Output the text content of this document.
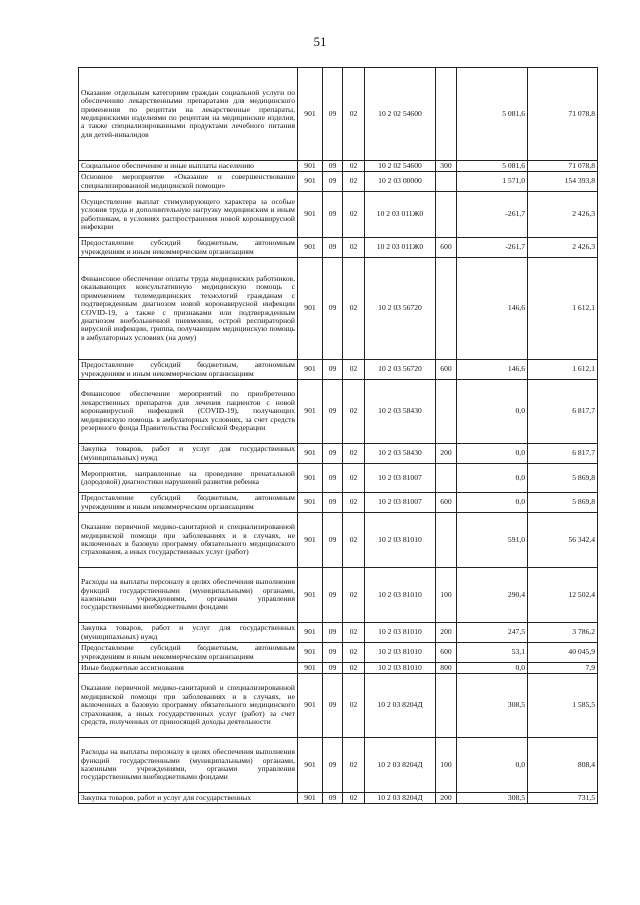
51
Оказание отдельным категориям граждан социальной услуги по обеспечению лекарственными препаратами для медицинского применения по рецептам на лекарственные препараты, медицинскими изделиями по рецептам на медицинские изделия, а также специализированными продуктами лечебного питания для детей-инвалидов	901	09	02	10 2 02 54600		5 081,6	71 078,8
Социальное обеспечение и иные выплаты населению	901	09	02	10 2 02 54600	300	5 081,6	71 078,8
Основное мероприятие «Оказание и совершенствование специализированной медицинской помощи»	901	09	02	10 2 03 00000		1 571,0	154 393,8
Осуществление выплат стимулирующего характера за особые условия труда и дополнительную нагрузку медицинским и иным работникам, в условиях распространения новой коронавирусной инфекции	901	09	02	10 2 03 011Ж0		-261,7	2 426,3
Предоставление субсидий бюджетным, автономным учреждениям и иным некоммерческим организациям	901	09	02	10 2 03 011Ж0	600	-261,7	2 426,3
Финансовое обеспечение оплаты труда медицинских работников, оказывающих консультативную медицинскую помощь с применением телемедицинских технологий гражданам с подтвержденным диагнозом новой коронавирусной инфекции COVID-19, а также с признаками или подтвержденным диагнозом внебольничной пневмонии, острой респираторной вирусной инфекции, гриппа, получающим медицинскую помощь в амбулаторных условиях (на дому)	901	09	02	10 2 03 56720		146,6	1 612,1
Предоставление субсидий бюджетным, автономным учреждениям и иным некоммерческим организациям	901	09	02	10 2 03 56720	600	146,6	1 612,1
Финансовое обеспечение мероприятий по приобретению лекарственных препаратов для лечения пациентов с новой коронавирусной инфекцией (COVID-19), получающих медицинскую помощь в амбулаторных условиях, за счет средств резервного фонда Правительства Российской Федерации	901	09	02	10 2 03 58430		0,0	6 817,7
Закупка товаров, работ и услуг для государственных (муниципальных) нужд	901	09	02	10 2 03 58430	200	0,0	6 817,7
Мероприятия, направленные на проведение пренатальной (дородовой) диагностики нарушений развития ребенка	901	09	02	10 2 03 81007		0,0	5 869,8
Предоставление субсидий бюджетным, автономным учреждениям и иным некоммерческим организациям	901	09	02	10 2 03 81007	600	0,0	5 869,8
Оказание первичной медико-санитарной и специализированной медицинской помощи при заболеваниях и в случаях, не включенных в базовую программу обязательного медицинского страхования, а иных государственных услуг (работ)	901	09	02	10 2 03 81010		591,0	56 342,4
Расходы на выплаты персоналу в целях обеспечения выполнения функций государственными (муниципальными) органами, казенными учреждениями, органами управления государственными внебюджетными фондами	901	09	02	10 2 03 81010	100	290,4	12 502,4
Закупка товаров, работ и услуг для государственных (муниципальных) нужд	901	09	02	10 2 03 81010	200	247,5	3 786,2
Предоставление субсидий бюджетным, автономным учреждениям и иным некоммерческим организациям	901	09	02	10 2 03 81010	600	53,1	40 045,9
Иные бюджетные ассигнования	901	09	02	10 2 03 81010	800	0,0	7,9
Оказание первичной медико-санитарной и специализированной медицинской помощи при заболеваниях и в случаях, не включенных в базовую программу обязательного медицинского страхования, а иных государственных услуг (работ) за счет средств, полученных от приносящей доходы деятельности	901	09	02	10 2 03 8204Д		308,5	1 585,5
Расходы на выплаты персоналу в целях обеспечения выполнения функций государственными (муниципальными) органами, казенными учреждениями, органами управления государственными внебюджетными фондами	901	09	02	10 2 03 8204Д	100	0,0	808,4
Закупка товаров, работ и услуг для государственных	901	09	02	10 2 03 8204Д	200	308,5	731,5
